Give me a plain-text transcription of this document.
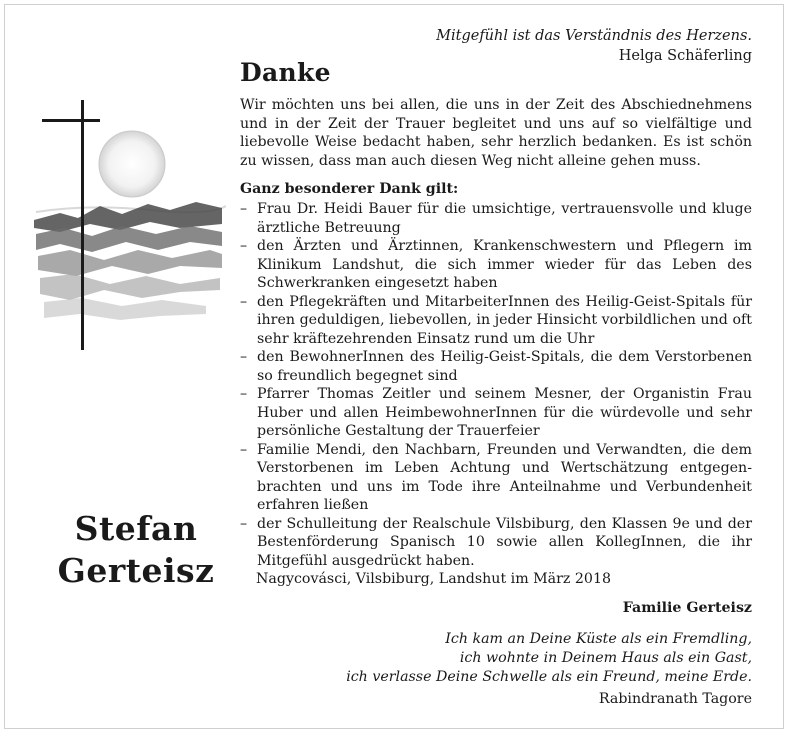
Mitgefühl ist das Verständnis des Herzens.
Helga Schäferling
Danke
Wir möchten uns bei allen, die uns in der Zeit des Abschiednehmens und in der Zeit der Trauer begleitet und uns auf so vielfältige und liebevolle Weise bedacht haben, sehr herzlich bedanken. Es ist schön zu wissen, dass man auch diesen Weg nicht alleine gehen muss.
Ganz besonderer Dank gilt:
– Frau Dr. Heidi Bauer für die umsichtige, vertrauensvolle und kluge ärztliche Betreuung
– den Ärzten und Ärztinnen, Krankenschwestern und Pflegern im Klinikum Landshut, die sich immer wieder für das Leben des Schwerkranken eingesetzt haben
– den Pflegekräften und MitarbeiterInnen des Heilig-Geist-Spitals für ihren geduldigen, liebevollen, in jeder Hinsicht vorbildlichen und oft sehr kräftezehrenden Einsatz rund um die Uhr
– den BewohnerInnen des Heilig-Geist-Spitals, die dem Verstorbenen so freundlich begegnet sind
– Pfarrer Thomas Zeitler und seinem Mesner, der Organistin Frau Huber und allen HeimbewohnerInnen für die würdevolle und sehr persönliche Gestaltung der Trauerfeier
– Familie Mendi, den Nachbarn, Freunden und Verwandten, die dem Verstorbenen im Leben Achtung und Wertschätzung entgegenbrachten und uns im Tode ihre Anteilnahme und Verbundenheit erfahren ließen
– der Schulleitung der Realschule Vilsbiburg, den Klassen 9e und der Bestenförderung Spanisch 10 sowie allen KollegInnen, die ihr Mitgefühl ausgedrückt haben.
Stefan
Gerteisz	Nagycovásci, Vilsbiburg, Landshut im März 2018
Familie Gerteisz
Ich kam an Deine Küste als ein Fremdling,
ich wohnte in Deinem Haus als ein Gast,
ich verlasse Deine Schwelle als ein Freund, meine Erde.
Rabindranath Tagore
